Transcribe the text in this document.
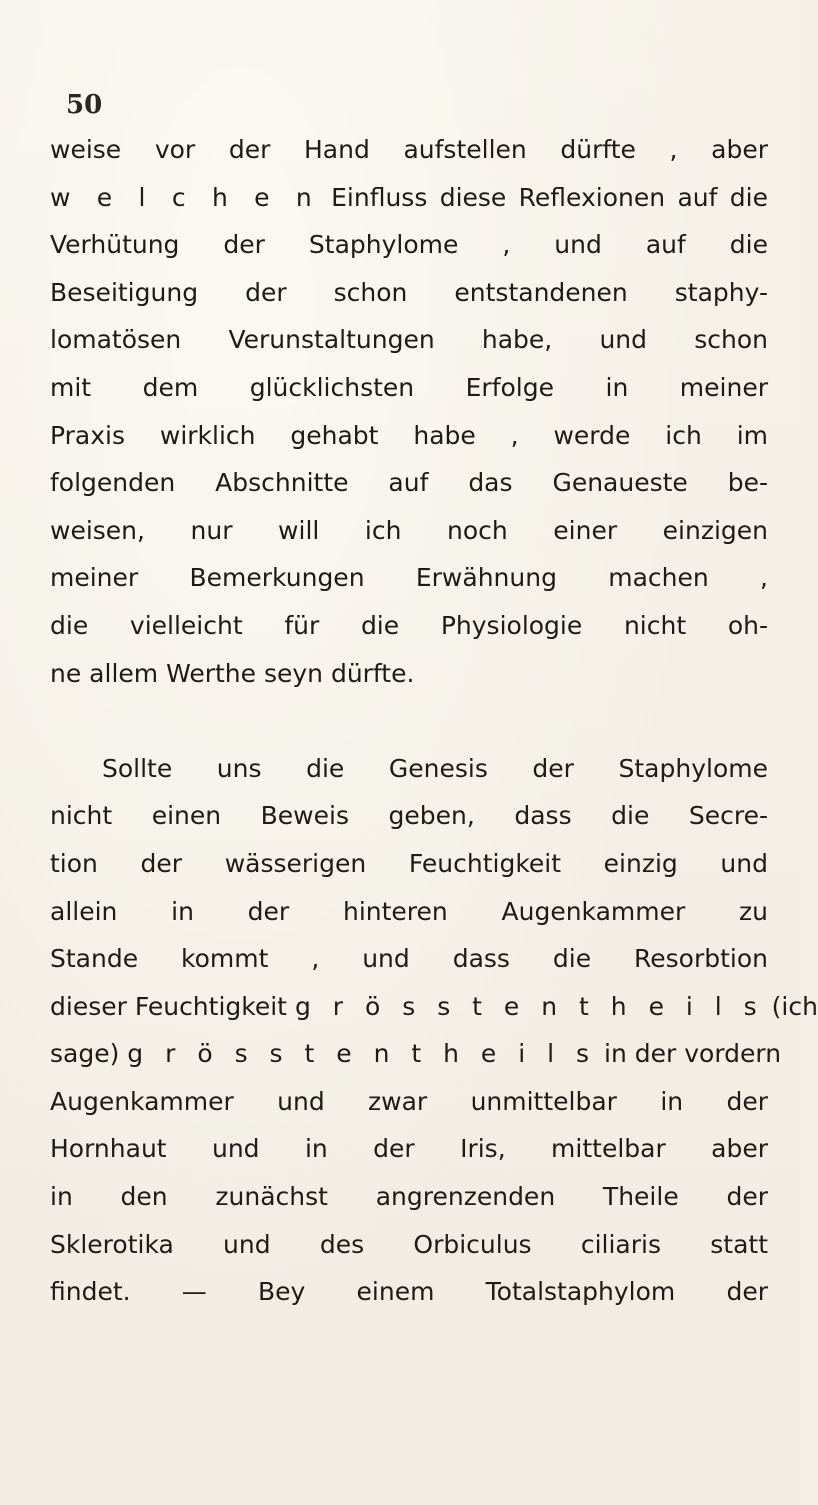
50
weise vor der Hand aufstellen dürfte , aber
w e l c h e n Einfluss diese Reflexionen auf die
Verhütung der Staphylome , und auf die
Beseitigung der schon entstandenen staphy-
lomatösen Verunstaltungen habe, und schon
mit dem glücklichsten Erfolge in meiner
Praxis wirklich gehabt habe , werde ich im
folgenden Abschnitte auf das Genaueste be-
weisen, nur will ich noch einer einzigen
meiner Bemerkungen Erwähnung machen ,
die vielleicht für die Physiologie nicht oh-
ne allem Werthe seyn dürfte.
Sollte uns die Genesis der Staphylome
nicht einen Beweis geben, dass die Secre-
tion der wässerigen Feuchtigkeit einzig und
allein in der hinteren Augenkammer zu
Stande kommt , und dass die Resorbtion
dieser Feuchtigkeit g r ö s s t e n t h e i l s (ich
sage) g r ö s s t e n t h e i l s in der vordern
Augenkammer und zwar unmittelbar in der
Hornhaut und in der Iris, mittelbar aber
in den zunächst angrenzenden Theile der
Sklerotika und des Orbiculus ciliaris statt
findet. — Bey einem Totalstaphylom der
